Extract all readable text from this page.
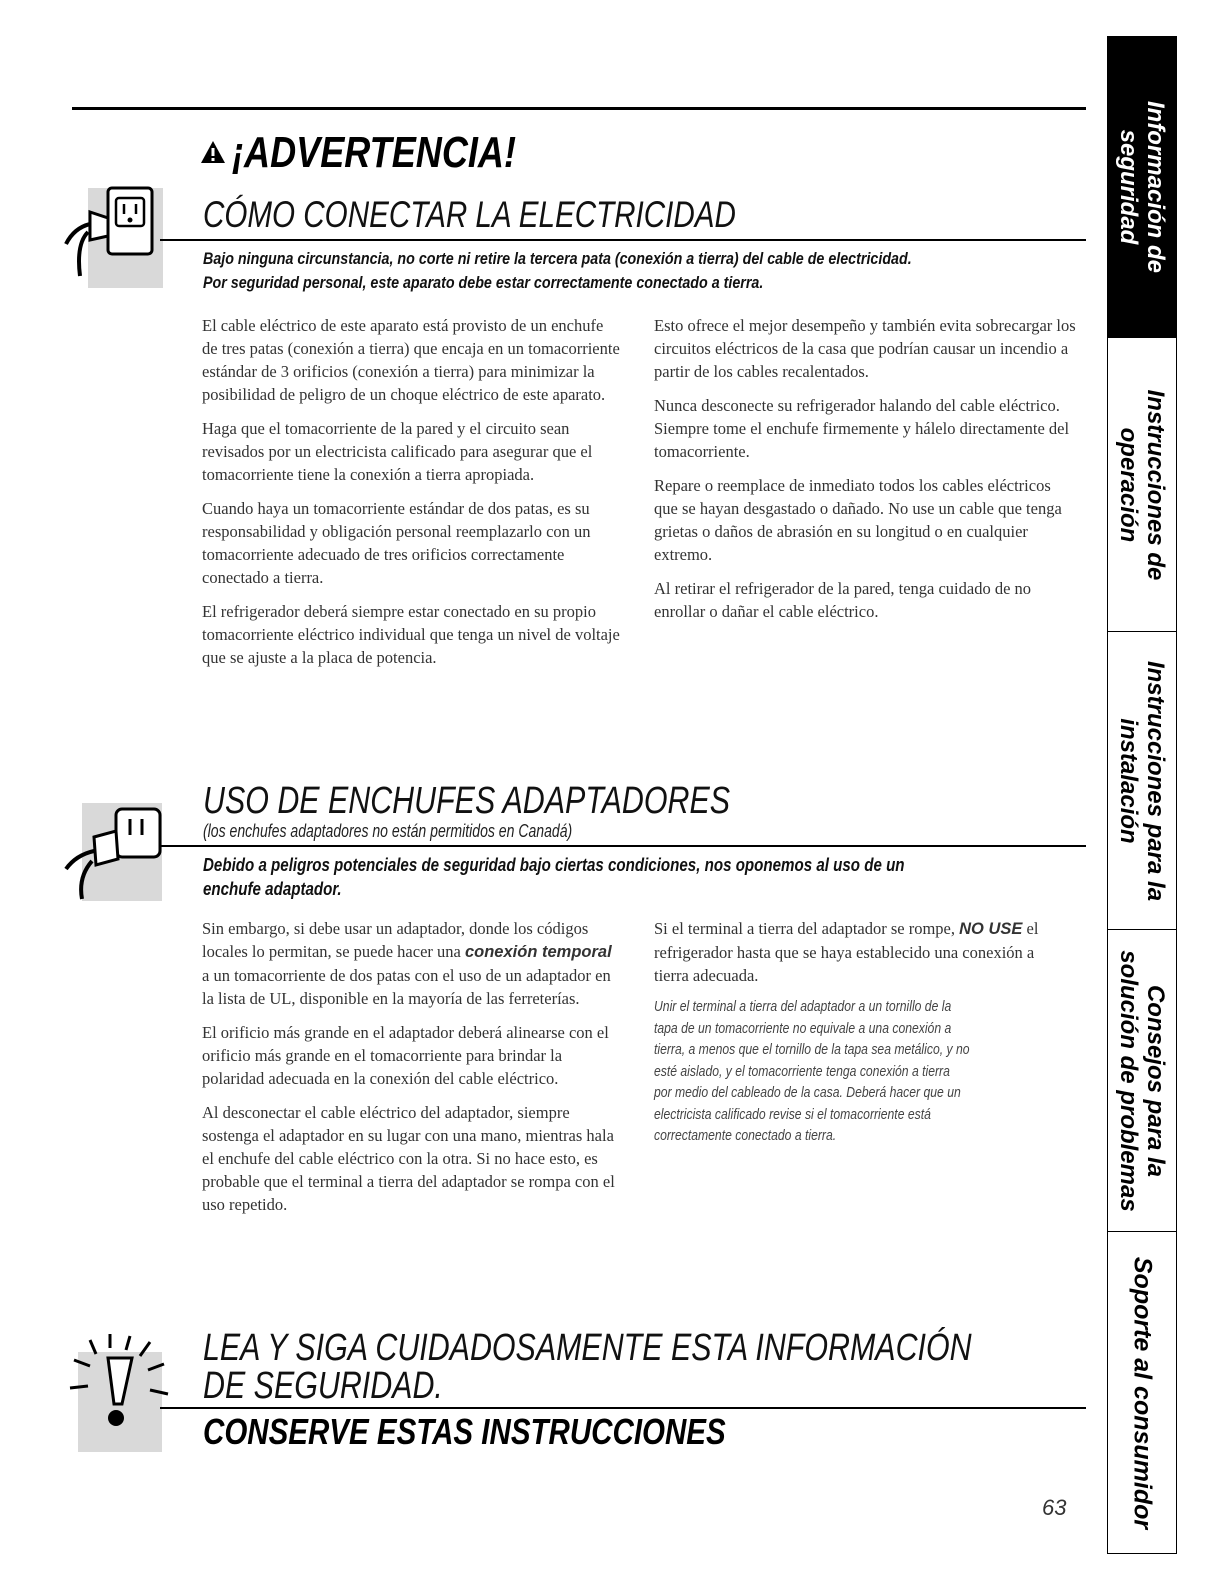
¡ADVERTENCIA!
CÓMO CONECTAR LA ELECTRICIDAD
Bajo ninguna circunstancia, no corte ni retire la tercera pata (conexión a tierra) del cable de electricidad.
Por seguridad personal, este aparato debe estar correctamente conectado a tierra.

El cable eléctrico de este aparato está provisto de un enchufe de tres patas (conexión a tierra) que encaja en un tomacorriente estándar de 3 orificios (conexión a tierra) para minimizar la posibilidad de peligro de un choque eléctrico de este aparato.

Haga que el tomacorriente de la pared y el circuito sean revisados por un electricista calificado para asegurar que el tomacorriente tiene la conexión a tierra apropiada.

Cuando haya un tomacorriente estándar de dos patas, es su responsabilidad y obligación personal reemplazarlo con un tomacorriente adecuado de tres orificios correctamente conectado a tierra.

El refrigerador deberá siempre estar conectado en su propio tomacorriente eléctrico individual que tenga un nivel de voltaje que se ajuste a la placa de potencia.

Esto ofrece el mejor desempeño y también evita sobrecargar los circuitos eléctricos de la casa que podrían causar un incendio a partir de los cables recalentados.

Nunca desconecte su refrigerador halando del cable eléctrico. Siempre tome el enchufe firmemente y hálelo directamente del tomacorriente.

Repare o reemplace de inmediato todos los cables eléctricos que se hayan desgastado o dañado. No use un cable que tenga grietas o daños de abrasión en su longitud o en cualquier extremo.

Al retirar el refrigerador de la pared, tenga cuidado de no enrollar o dañar el cable eléctrico.

USO DE ENCHUFES ADAPTADORES
(los enchufes adaptadores no están permitidos en Canadá)
Debido a peligros potenciales de seguridad bajo ciertas condiciones, nos oponemos al uso de un
enchufe adaptador.

Sin embargo, si debe usar un adaptador, donde los códigos locales lo permitan, se puede hacer una conexión temporal a un tomacorriente de dos patas con el uso de un adaptador en la lista de UL, disponible en la mayoría de las ferreterías.

El orificio más grande en el adaptador deberá alinearse con el orificio más grande en el tomacorriente para brindar la polaridad adecuada en la conexión del cable eléctrico.

Al desconectar el cable eléctrico del adaptador, siempre sostenga el adaptador en su lugar con una mano, mientras hala el enchufe del cable eléctrico con la otra. Si no hace esto, es probable que el terminal a tierra del adaptador se rompa con el uso repetido.

Si el terminal a tierra del adaptador se rompe, NO USE el refrigerador hasta que se haya establecido una conexión a tierra adecuada.

Unir el terminal a tierra del adaptador a un tornillo de la
tapa de un tomacorriente no equivale a una conexión a
tierra, a menos que el tornillo de la tapa sea metálico, y no
esté aislado, y el tomacorriente tenga conexión a tierra
por medio del cableado de la casa. Deberá hacer que un
electricista calificado revise si el tomacorriente está
correctamente conectado a tierra.
LEA Y SIGA CUIDADOSAMENTE ESTA INFORMACIÓN
DE SEGURIDAD.
CONSERVE ESTAS INSTRUCCIONES
63
Información de
seguridad
Instrucciones de
operación
Instrucciones para la
instalación
Consejos para la
solución de problemas
Soporte al consumidor
